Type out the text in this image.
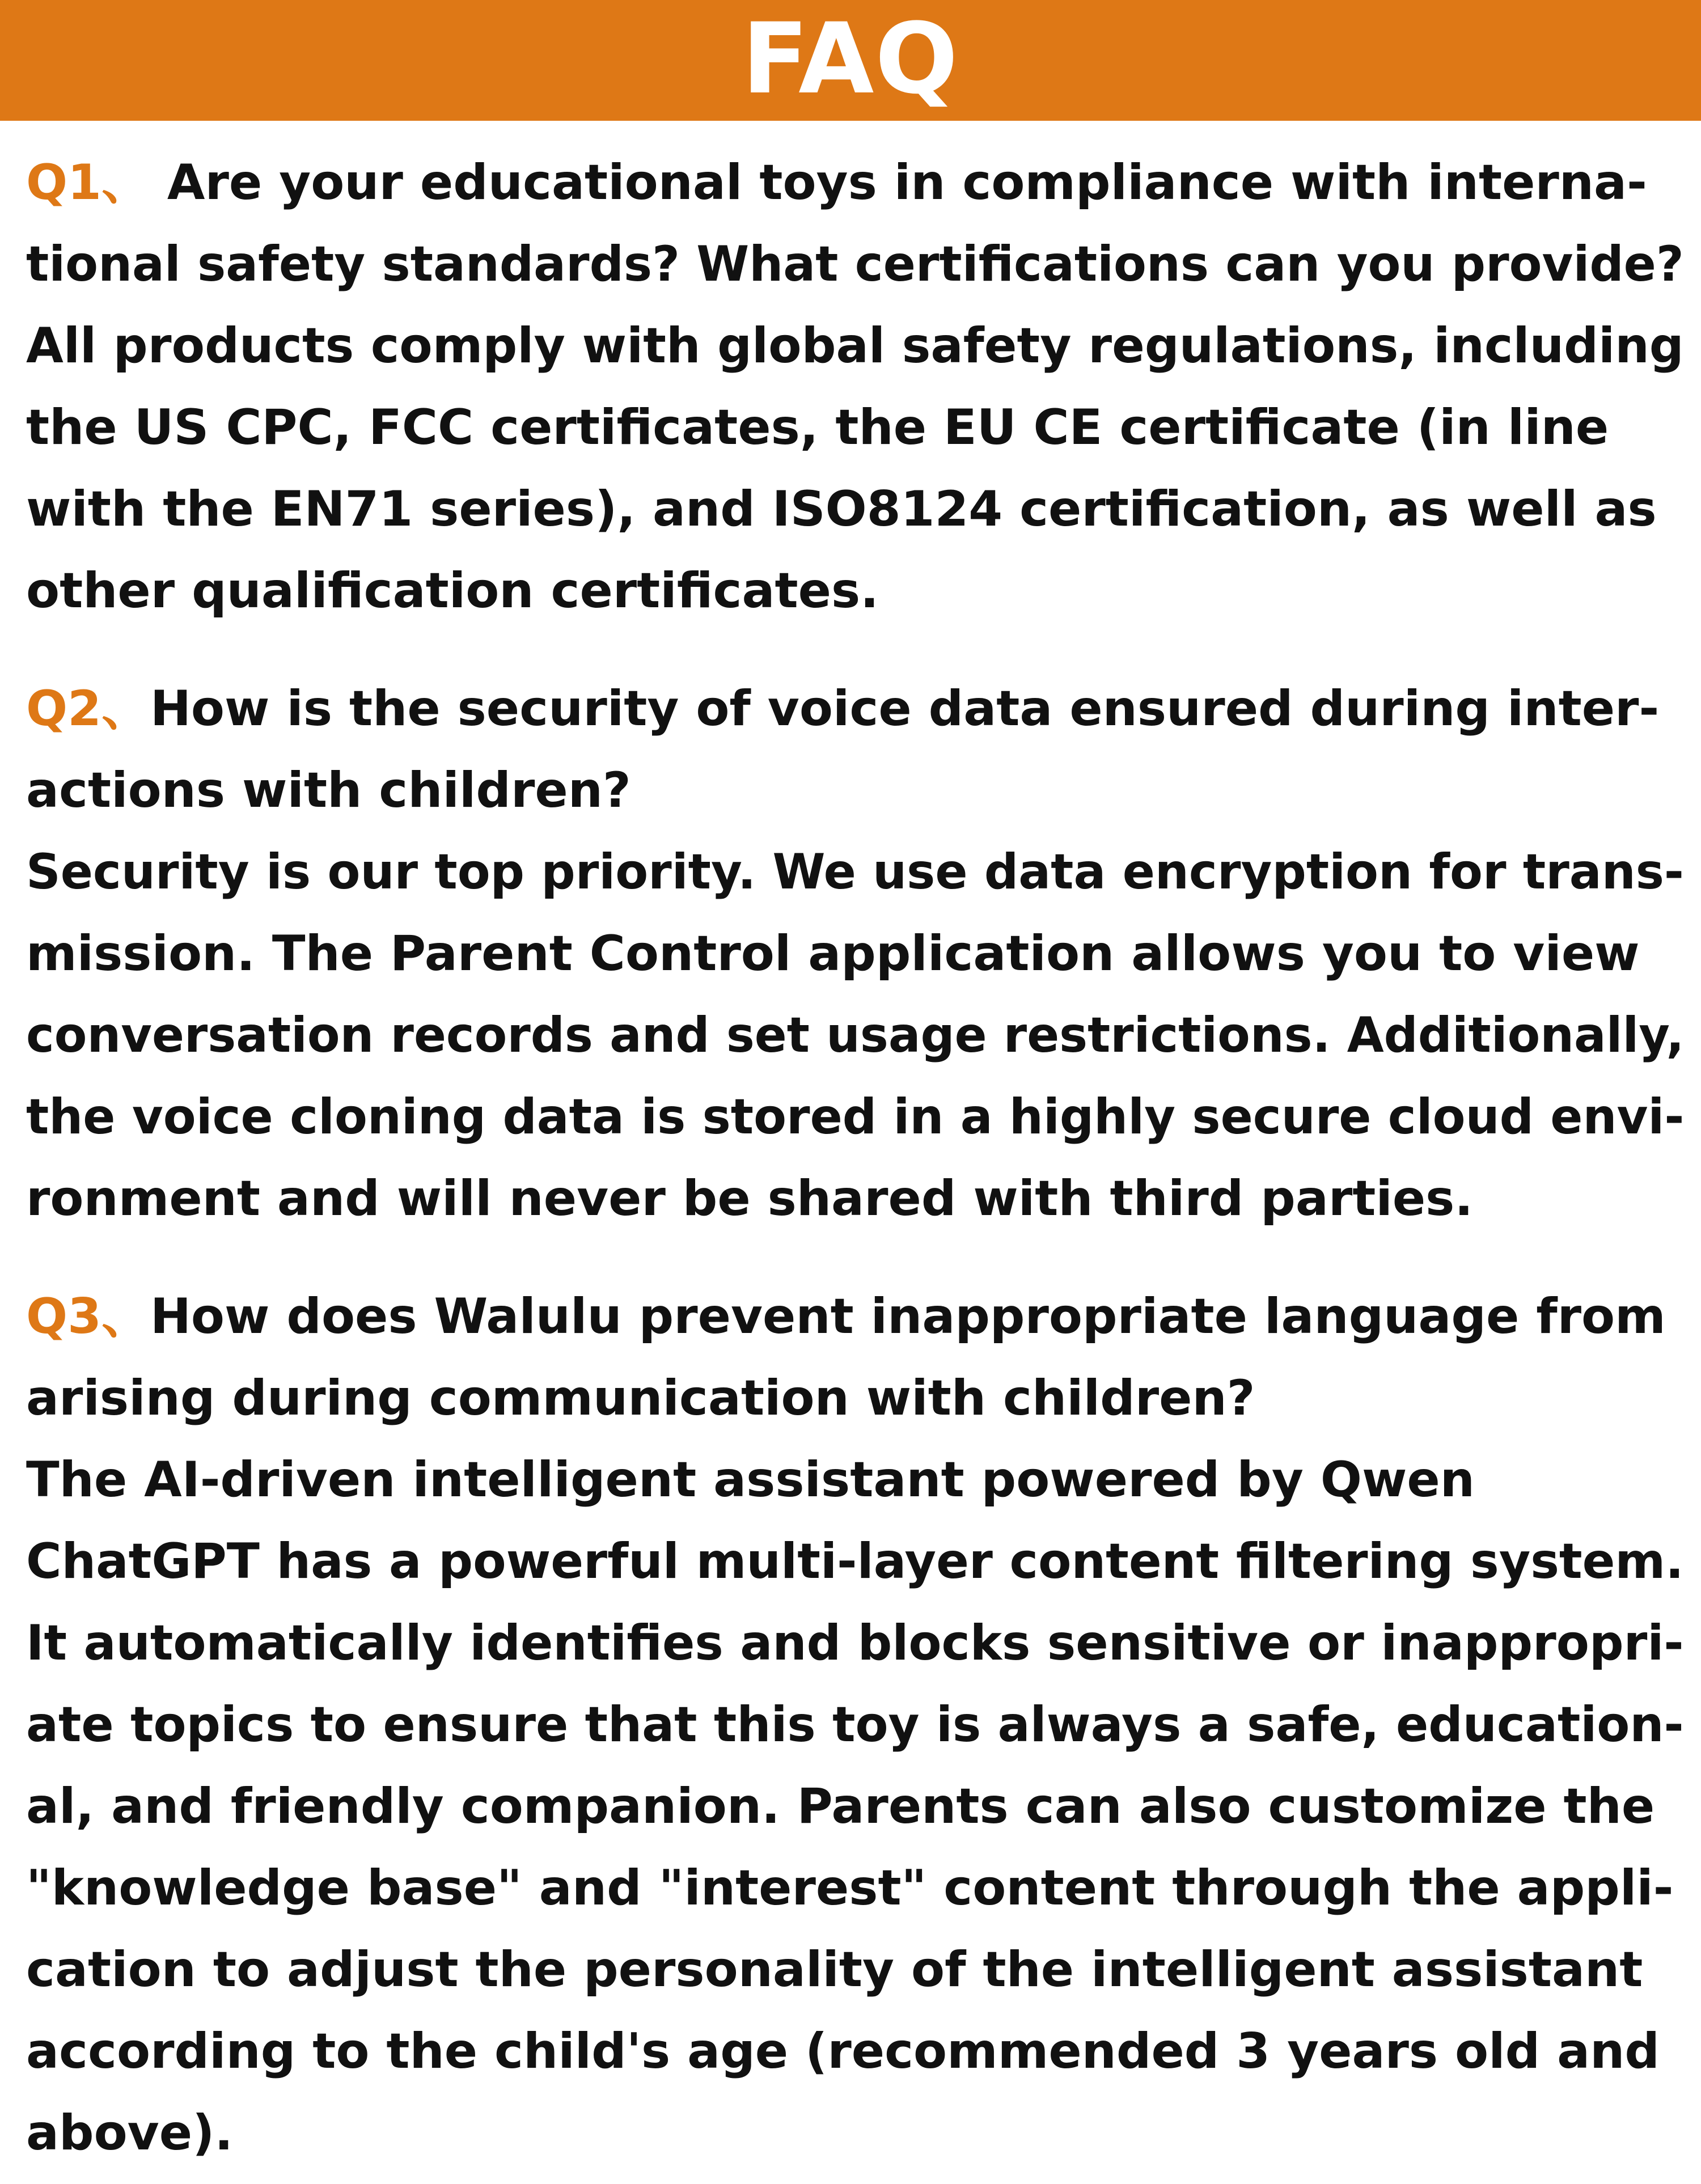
FAQ
Q1、 Are your educational toys in compliance with interna-
tional safety standards? What certifications can you provide?
All products comply with global safety regulations, including
the US CPC, FCC certificates, the EU CE certificate (in line
with the EN71 series), and ISO8124 certification, as well as
other qualification certificates.
Q2、How is the security of voice data ensured during inter-
actions with children?
Security is our top priority. We use data encryption for trans-
mission. The Parent Control application allows you to view
conversation records and set usage restrictions. Additionally,
the voice cloning data is stored in a highly secure cloud envi-
ronment and will never be shared with third parties.
Q3、How does Walulu prevent inappropriate language from
arising during communication with children?
The AI-driven intelligent assistant powered by Qwen
ChatGPT has a powerful multi-layer content filtering system.
It automatically identifies and blocks sensitive or inappropri-
ate topics to ensure that this toy is always a safe, education-
al, and friendly companion. Parents can also customize the
"knowledge base" and "interest" content through the appli-
cation to adjust the personality of the intelligent assistant
according to the child's age (recommended 3 years old and
above).
